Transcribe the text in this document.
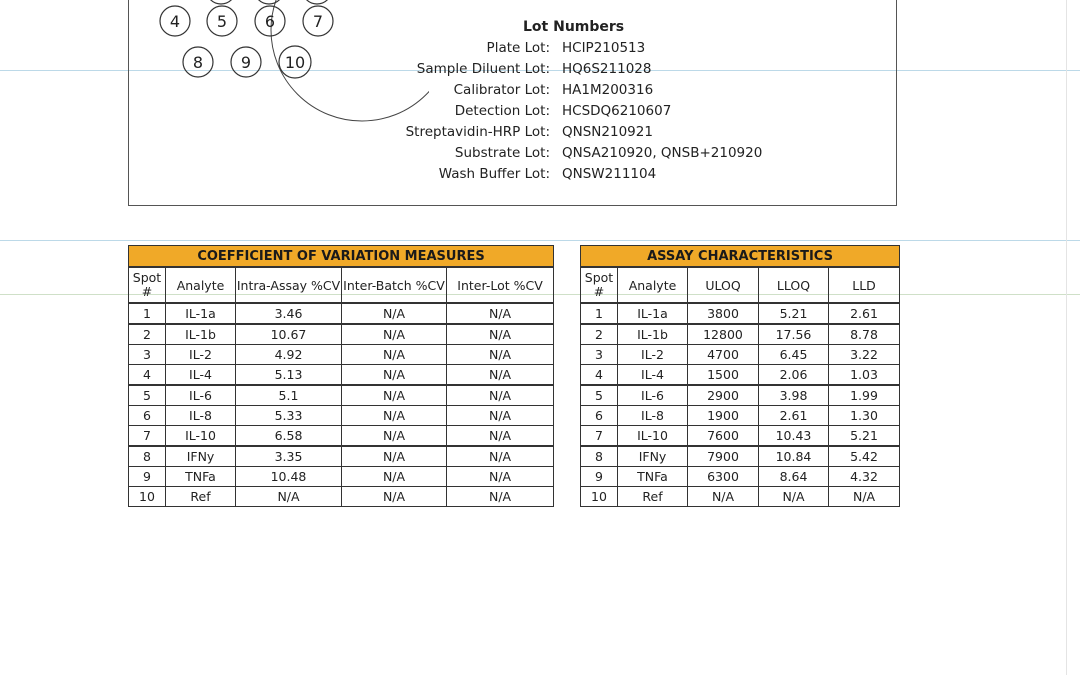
4 5 6 7
8 9 10
Lot Numbers
Plate Lot: HCIP210513
Sample Diluent Lot: HQ6S211028
Calibrator Lot: HA1M200316
Detection Lot: HCSDQ6210607
Streptavidin-HRP Lot: QNSN210921
Substrate Lot: QNSA210920, QNSB+210920
Wash Buffer Lot: QNSW211104
COEFFICIENT OF VARIATION MEASURES				

Spot
#	Analyte	Intra-Assay %CV	Inter-Batch %CV	Inter-Lot %CV
1	IL-1a	3.46	N/A	N/A
2	IL-1b	10.67	N/A	N/A
3	IL-2	4.92	N/A	N/A
4	IL-4	5.13	N/A	N/A
5	IL-6	5.1	N/A	N/A
6	IL-8	5.33	N/A	N/A
7	IL-10	6.58	N/A	N/A
8	IFNy	3.35	N/A	N/A
9	TNFa	10.48	N/A	N/A
10	Ref	N/A	N/A	N/A
ASSAY CHARACTERISTICS				

Spot
#	Analyte	ULOQ	LLOQ	LLD
1	IL-1a	3800	5.21	2.61
2	IL-1b	12800	17.56	8.78
3	IL-2	4700	6.45	3.22
4	IL-4	1500	2.06	1.03
5	IL-6	2900	3.98	1.99
6	IL-8	1900	2.61	1.30
7	IL-10	7600	10.43	5.21
8	IFNy	7900	10.84	5.42
9	TNFa	6300	8.64	4.32
10	Ref	N/A	N/A	N/A
